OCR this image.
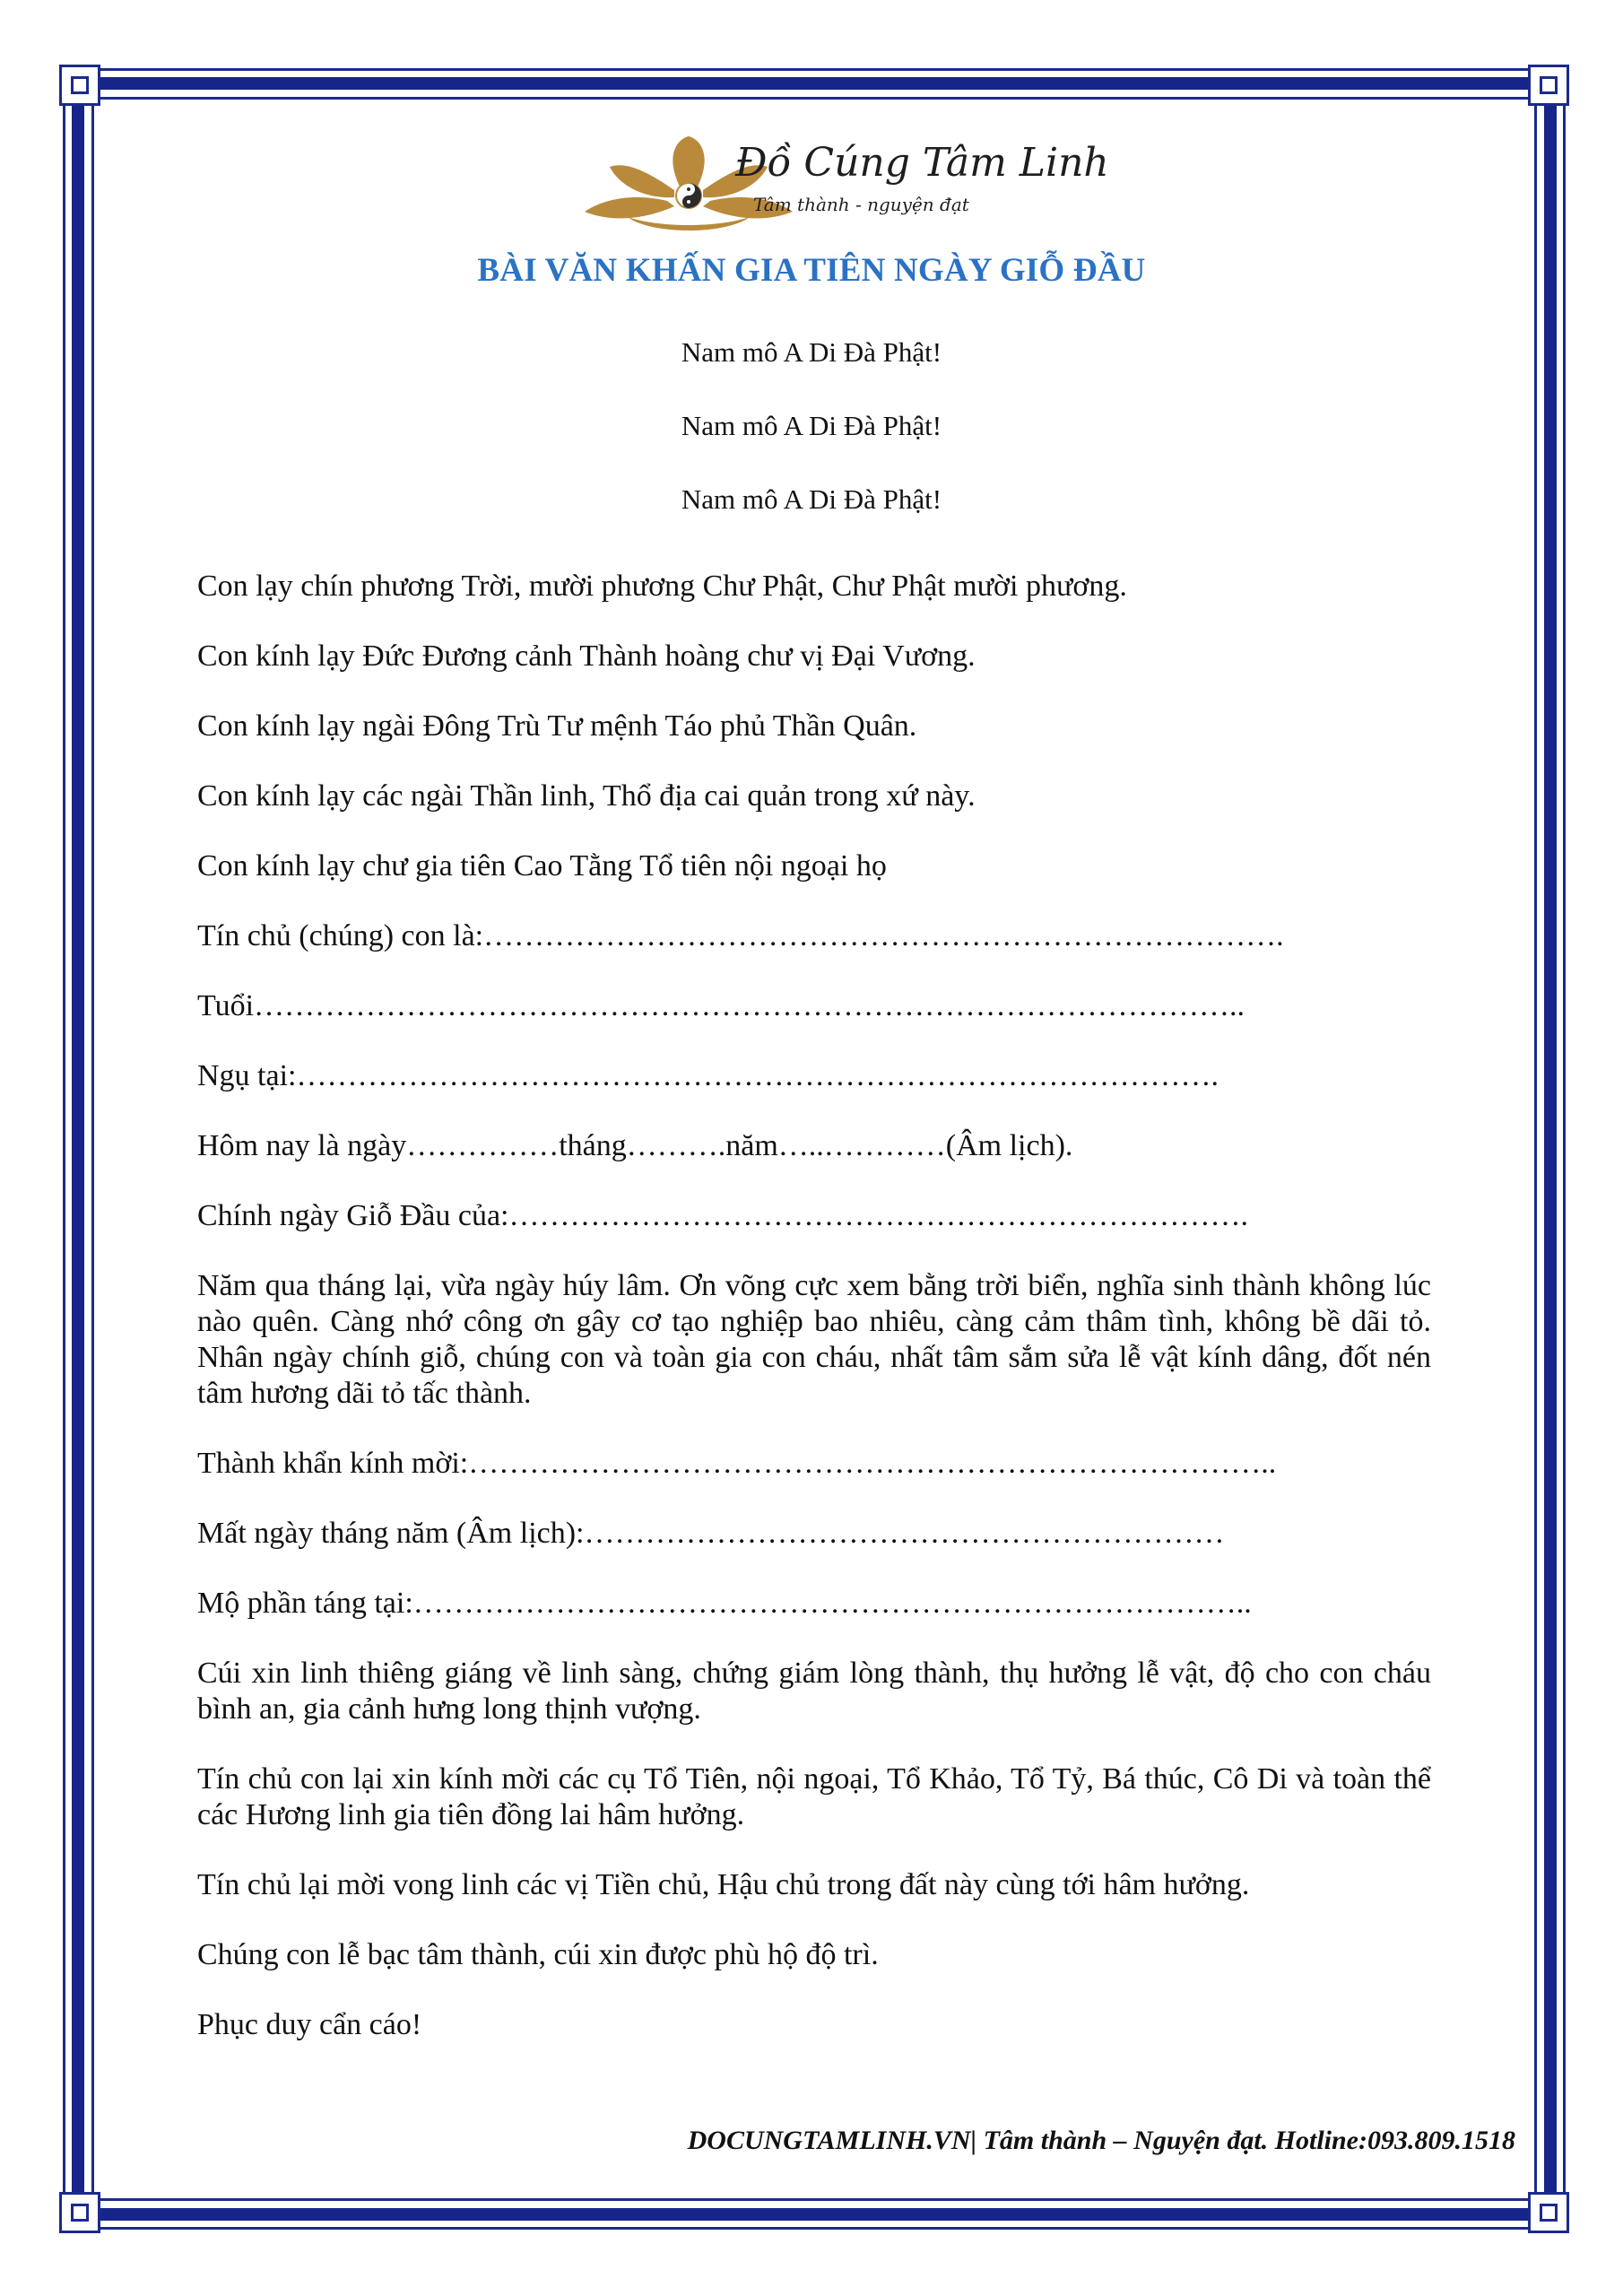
Đồ Cúng Tâm Linh
Tâm thành - nguyện đạt
BÀI VĂN KHẤN GIA TIÊN NGÀY GIỖ ĐẦU
Nam mô A Di Đà Phật!
Nam mô A Di Đà Phật!
Nam mô A Di Đà Phật!

Con lạy chín phương Trời, mười phương Chư Phật, Chư Phật mười phương.

Con kính lạy Đức Đương cảnh Thành hoàng chư vị Đại Vương.

Con kính lạy ngài Đông Trù Tư mệnh Táo phủ Thần Quân.

Con kính lạy các ngài Thần linh, Thổ địa cai quản trong xứ này.

Con kính lạy chư gia tiên Cao Tằng Tổ tiên nội ngoại họ

Tín chủ (chúng) con là:…………………………………………………………………….

Tuổi……………………………………………………………………………………..

Ngụ tại:……………………………………………………………………………….

Hôm nay là ngày……………tháng……….năm…..…………(Âm lịch).

Chính ngày Giỗ Đầu của:……………………………………………………………….

Năm qua tháng lại, vừa ngày húy lâm. Ơn võng cực xem bằng trời biển, nghĩa sinh thành không lúc nào quên. Càng nhớ công ơn gây cơ tạo nghiệp bao nhiêu, càng cảm thâm tình, không bề dãi tỏ. Nhân ngày chính giỗ, chúng con và toàn gia con cháu, nhất tâm sắm sửa lễ vật kính dâng, đốt nén tâm hương dãi tỏ tấc thành.

Thành khẩn kính mời:……………………………………………………………………..

Mất ngày tháng năm (Âm lịch):………………………………………………………

Mộ phần táng tại:………………………………………………………………………..

Cúi xin linh thiêng giáng về linh sàng, chứng giám lòng thành, thụ hưởng lễ vật, độ cho con cháu bình an, gia cảnh hưng long thịnh vượng.

Tín chủ con lại xin kính mời các cụ Tổ Tiên, nội ngoại, Tổ Khảo, Tổ Tỷ, Bá thúc, Cô Di và toàn thể các Hương linh gia tiên đồng lai hâm hưởng.

Tín chủ lại mời vong linh các vị Tiền chủ, Hậu chủ trong đất này cùng tới hâm hưởng.

Chúng con lễ bạc tâm thành, cúi xin được phù hộ độ trì.

Phục duy cẩn cáo!

DOCUNGTAMLINH.VN| Tâm thành – Nguyện đạt. Hotline:093.809.1518
